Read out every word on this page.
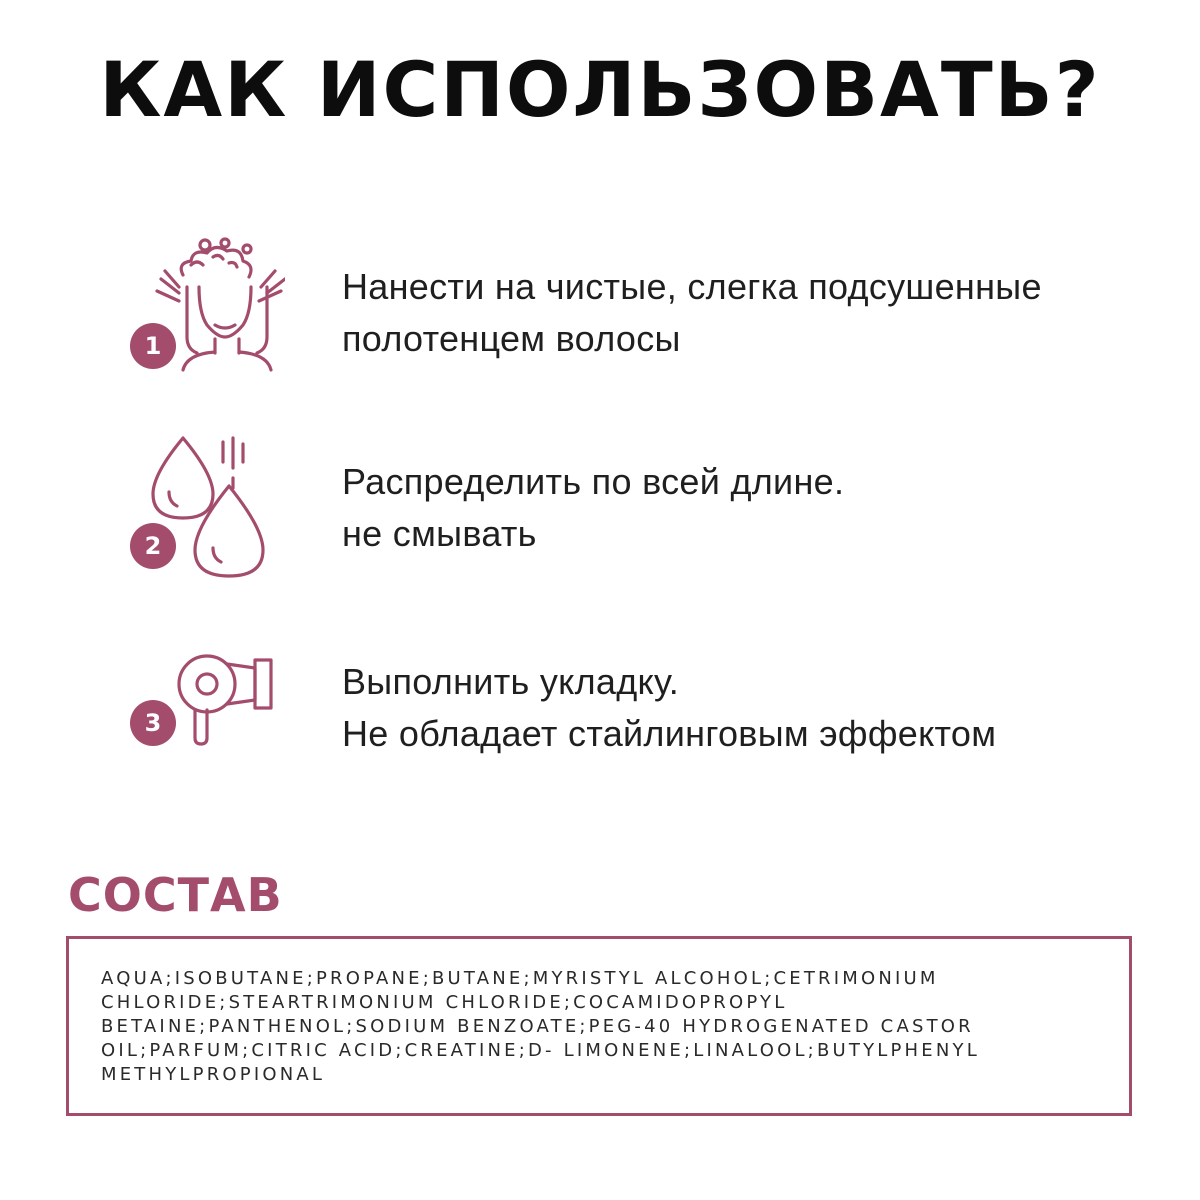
КАК ИСПОЛЬЗОВАТЬ?
1
Нанести на чистые, слегка подсушенные
полотенцем волосы
2
Распределить по всей длине.
не смывать
3
Выполнить укладку.
Не обладает стайлинговым эффектом
СОСТАВ
AQUA;ISOBUTANE;PROPANE;BUTANE;MYRISTYL ALCOHOL;CETRIMONIUM
CHLORIDE;STEARTRIMONIUM CHLORIDE;COCAMIDOPROPYL
BETAINE;PANTHENOL;SODIUM BENZOATE;PEG-40 HYDROGENATED CASTOR
OIL;PARFUM;CITRIC ACID;CREATINE;D- LIMONENE;LINALOOL;BUTYLPHENYL
METHYLPROPIONAL
